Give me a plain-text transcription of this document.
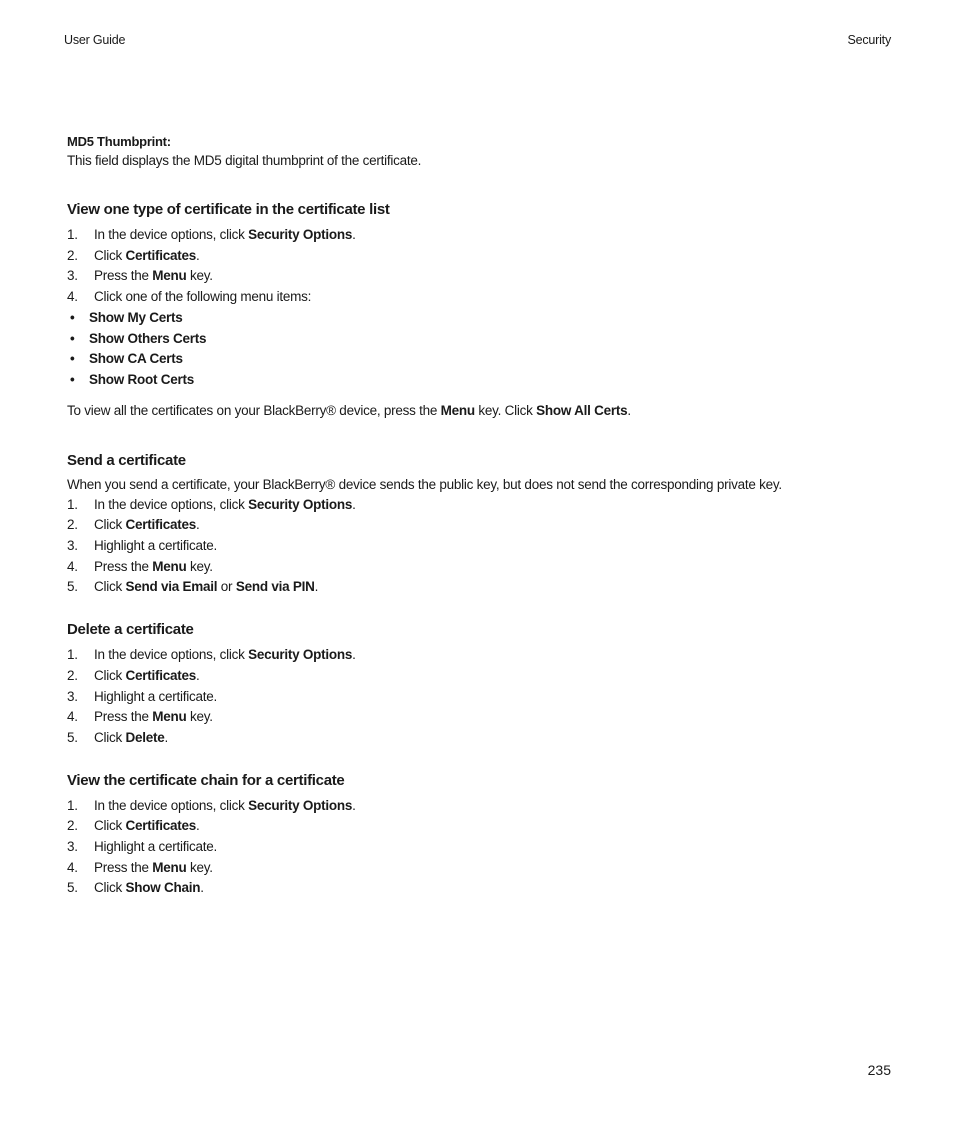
User Guide	Security

MD5 Thumbprint:

This field displays the MD5 digital thumbprint of the certificate.

View one type of certificate in the certificate list
1. In the device options, click Security Options.
2. Click Certificates.
3. Press the Menu key.
4. Click one of the following menu items:
• Show My Certs
• Show Others Certs
• Show CA Certs
• Show Root Certs

To view all the certificates on your BlackBerry® device, press the Menu key. Click Show All Certs.

Send a certificate

When you send a certificate, your BlackBerry® device sends the public key, but does not send the corresponding private key.

1. In the device options, click Security Options.
2. Click Certificates.
3. Highlight a certificate.
4. Press the Menu key.
5. Click Send via Email or Send via PIN.
Delete a certificate
1. In the device options, click Security Options.
2. Click Certificates.
3. Highlight a certificate.
4. Press the Menu key.
5. Click Delete.
View the certificate chain for a certificate
1. In the device options, click Security Options.
2. Click Certificates.
3. Highlight a certificate.
4. Press the Menu key.
5. Click Show Chain.
235
